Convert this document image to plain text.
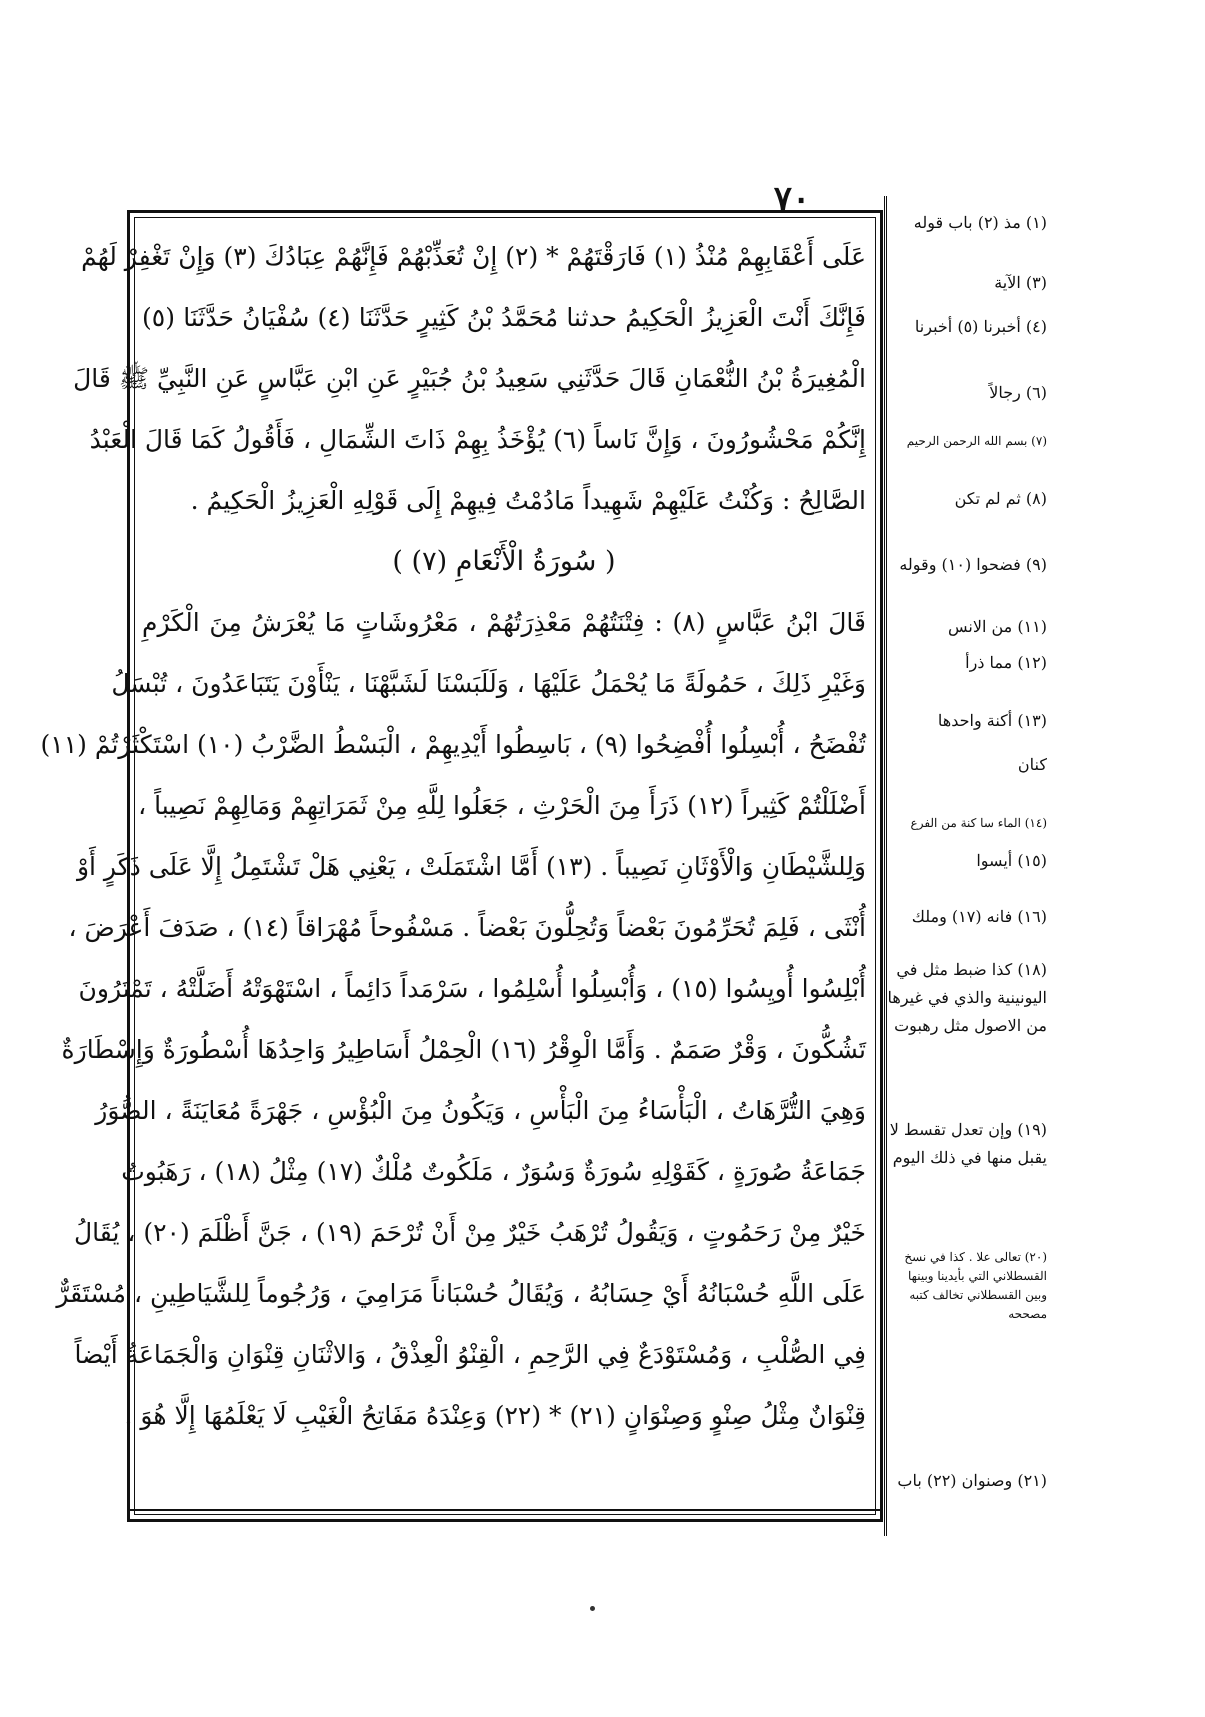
٧٠
عَلَى أَعْقَابِهِمْ مُنْذُ (١) فَارَقْتَهُمْ * (٢) إِنْ تُعَذِّبْهُمْ فَإِنَّهُمْ عِبَادُكَ (٣) وَإِنْ تَغْفِرْ لَهُمْ
فَإِنَّكَ أَنْتَ الْعَزِيزُ الْحَكِيمُ حدثنا مُحَمَّدُ بْنُ كَثِيرٍ حَدَّثَنَا (٤) سُفْيَانُ حَدَّثَنَا (٥)
الْمُغِيرَةُ بْنُ النُّعْمَانِ قَالَ حَدَّثَنِي سَعِيدُ بْنُ جُبَيْرٍ عَنِ ابْنِ عَبَّاسٍ عَنِ النَّبِيِّ ﷺ قَالَ
إِنَّكُمْ مَحْشُورُونَ ، وَإِنَّ نَاساً (٦) يُؤْخَذُ بِهِمْ ذَاتَ الشِّمَالِ ، فَأَقُولُ كَمَا قَالَ الْعَبْدُ
الصَّالِحُ : وَكُنْتُ عَلَيْهِمْ شَهِيداً مَادُمْتُ فِيهِمْ إِلَى قَوْلِهِ الْعَزِيزُ الْحَكِيمُ .
( سُورَةُ الْأَنْعَامِ (٧) )
قَالَ ابْنُ عَبَّاسٍ (٨) : فِتْنَتُهُمْ مَعْذِرَتُهُمْ ، مَعْرُوشَاتٍ مَا يُعْرَشُ مِنَ الْكَرْمِ
وَغَيْرِ ذَلِكَ ، حَمُولَةً مَا يُحْمَلُ عَلَيْهَا ، وَلَلَبَسْنَا لَشَبَّهْنَا ، يَنْأَوْنَ يَتَبَاعَدُونَ ، تُبْسَلُ
تُفْضَحُ ، أُبْسِلُوا أُفْضِحُوا (٩) ، بَاسِطُوا أَيْدِيهِمْ ، الْبَسْطُ الضَّرْبُ (١٠) اسْتَكْثَرْتُمْ (١١)
أَضْلَلْتُمْ كَثِيراً (١٢) ذَرَأَ مِنَ الْحَرْثِ ، جَعَلُوا لِلَّهِ مِنْ ثَمَرَاتِهِمْ وَمَالِهِمْ نَصِيباً ،
وَلِلشَّيْطَانِ وَالْأَوْثَانِ نَصِيباً . (١٣) أَمَّا اشْتَمَلَتْ ، يَعْنِي هَلْ تَشْتَمِلُ إِلَّا عَلَى ذَكَرٍ أَوْ
أُنْثَى ، فَلِمَ تُحَرِّمُونَ بَعْضاً وَتُحِلُّونَ بَعْضاً . مَسْفُوحاً مُهْرَاقاً (١٤) ، صَدَفَ أَعْرَضَ ،
أُبْلِسُوا أُويِسُوا (١٥) ، وَأُبْسِلُوا أُسْلِمُوا ، سَرْمَداً دَائِماً ، اسْتَهْوَتْهُ أَضَلَّتْهُ ، تَمْتَرُونَ
تَشُكُّونَ ، وَقْرٌ صَمَمٌ . وَأَمَّا الْوِقْرُ (١٦) الْحِمْلُ أَسَاطِيرُ وَاحِدُهَا أُسْطُورَةٌ وَإِسْطَارَةٌ
وَهِيَ التُّرَّهَاتُ ، الْبَأْسَاءُ مِنَ الْبَأْسِ ، وَيَكُونُ مِنَ الْبُؤْسِ ، جَهْرَةً مُعَايَنَةً ، الصُّوَرُ
جَمَاعَةُ صُورَةٍ ، كَقَوْلِهِ سُورَةٌ وَسُوَرٌ ، مَلَكُوتٌ مُلْكٌ (١٧) مِثْلُ (١٨) ، رَهَبُوتٌ
خَيْرٌ مِنْ رَحَمُوتٍ ، وَيَقُولُ تُرْهَبُ خَيْرٌ مِنْ أَنْ تُرْحَمَ (١٩) ، جَنَّ أَظْلَمَ (٢٠) ، يُقَالُ
عَلَى اللَّهِ حُسْبَانُهُ أَيْ حِسَابُهُ ، وَيُقَالُ حُسْبَاناً مَرَامِيَ ، وَرُجُوماً لِلشَّيَاطِينِ ، مُسْتَقَرٌّ
فِي الصُّلْبِ ، وَمُسْتَوْدَعٌ فِي الرَّحِمِ ، الْقِنْوُ الْعِذْقُ ، وَالاثْنَانِ قِنْوَانِ وَالْجَمَاعَةُ أَيْضاً
قِنْوَانٌ مِثْلُ صِنْوٍ وَصِنْوَانٍ (٢١) * (٢٢) وَعِنْدَهُ مَفَاتِحُ الْغَيْبِ لَا يَعْلَمُهَا إِلَّا هُوَ .
(١) مذ (٢) باب قوله
(٣) الآية
(٤) أخبرنا (٥) أخبرنا
(٦) رجالاً
(٧) بسم الله الرحمن الرحيم
(٨) ثم لم تكن
(٩) فضحوا (١٠) وقوله
(١١) من الانس
(١٢) مما ذرأ
(١٣) أكنة واحدها
كنان
(١٤) الماء سا كنة من الفرع
(١٥) أيسوا
(١٦) فانه (١٧) وملك
(١٨) كذا ضبط مثل في اليونينية والذي في غيرها من الاصول مثل رهبوت
(١٩) وإن تعدل تقسط لا يقبل منها في ذلك اليوم
(٢٠) تعالى علا . كذا في نسخ القسطلاني التي بأيدينا وبينها وبين القسطلاني تخالف كتبه مصححه
(٢١) وصنوان (٢٢) باب
